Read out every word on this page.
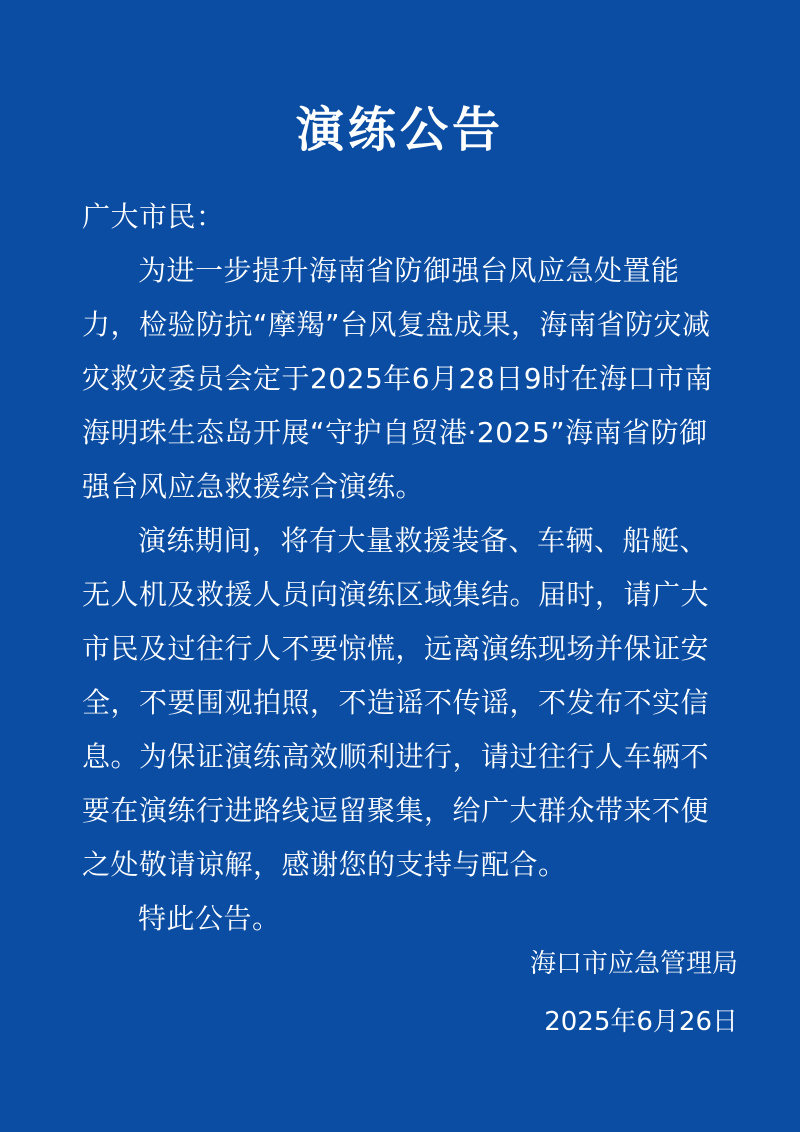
演练公告

广大市民：

为进一步提升海南省防御强台风应急处置能力，检验防抗“摩羯”台风复盘成果，海南省防灾减灾救灾委员会定于2025年6月28日9时在海口市南海明珠生态岛开展“守护自贸港·2025”海南省防御强台风应急救援综合演练。

演练期间，将有大量救援装备、车辆、船艇、无人机及救援人员向演练区域集结。届时，请广大市民及过往行人不要惊慌，远离演练现场并保证安全，不要围观拍照，不造谣不传谣，不发布不实信息。为保证演练高效顺利进行，请过往行人车辆不要在演练行进路线逗留聚集，给广大群众带来不便之处敬请谅解，感谢您的支持与配合。

特此公告。

海口市应急管理局
2025年6月26日
